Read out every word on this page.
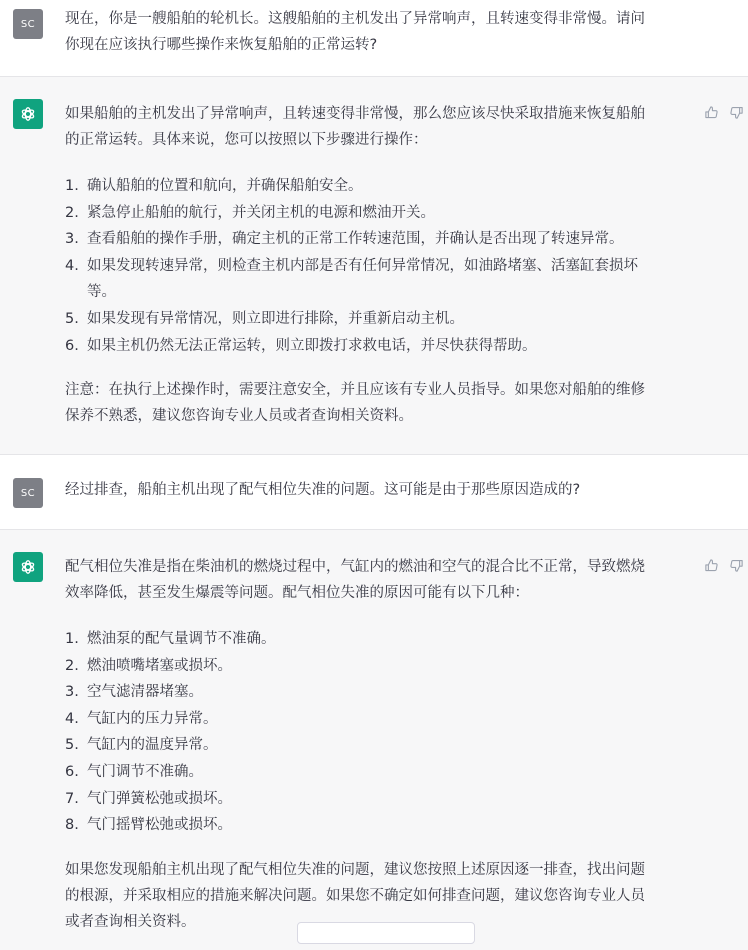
SC 现在，你是一艘船舶的轮机长。这艘船舶的主机发出了异常响声，且转速变得非常慢。请问

你现在应该执行哪些操作来恢复船舶的正常运转?

如果船舶的主机发出了异常响声，且转速变得非常慢，那么您应该尽快采取措施来恢复船舶

的正常运转。具体来说，您可以按照以下步骤进行操作：

1. 确认船舶的位置和航向，并确保船舶安全。
2. 紧急停止船舶的航行，并关闭主机的电源和燃油开关。
3. 查看船舶的操作手册，确定主机的正常工作转速范围，并确认是否出现了转速异常。
4. 如果发现转速异常，则检查主机内部是否有任何异常情况，如油路堵塞、活塞缸套损坏
等。
5. 如果发现有异常情况，则立即进行排除，并重新启动主机。
6. 如果主机仍然无法正常运转，则立即拨打求救电话，并尽快获得帮助。

注意：在执行上述操作时，需要注意安全，并且应该有专业人员指导。如果您对船舶的维修

保养不熟悉，建议您咨询专业人员或者查询相关资料。

SC 经过排查，船舶主机出现了配气相位失准的问题。这可能是由于那些原因造成的?

配气相位失准是指在柴油机的燃烧过程中，气缸内的燃油和空气的混合比不正常，导致燃烧

效率降低，甚至发生爆震等问题。配气相位失准的原因可能有以下几种：

1. 燃油泵的配气量调节不准确。
2. 燃油喷嘴堵塞或损坏。
3. 空气滤清器堵塞。
4. 气缸内的压力异常。
5. 气缸内的温度异常。
6. 气门调节不准确。
7. 气门弹簧松弛或损坏。
8. 气门摇臂松弛或损坏。

如果您发现船舶主机出现了配气相位失准的问题，建议您按照上述原因逐一排查，找出问题

的根源，并采取相应的措施来解决问题。如果您不确定如何排查问题，建议您咨询专业人员

或者查询相关资料。
